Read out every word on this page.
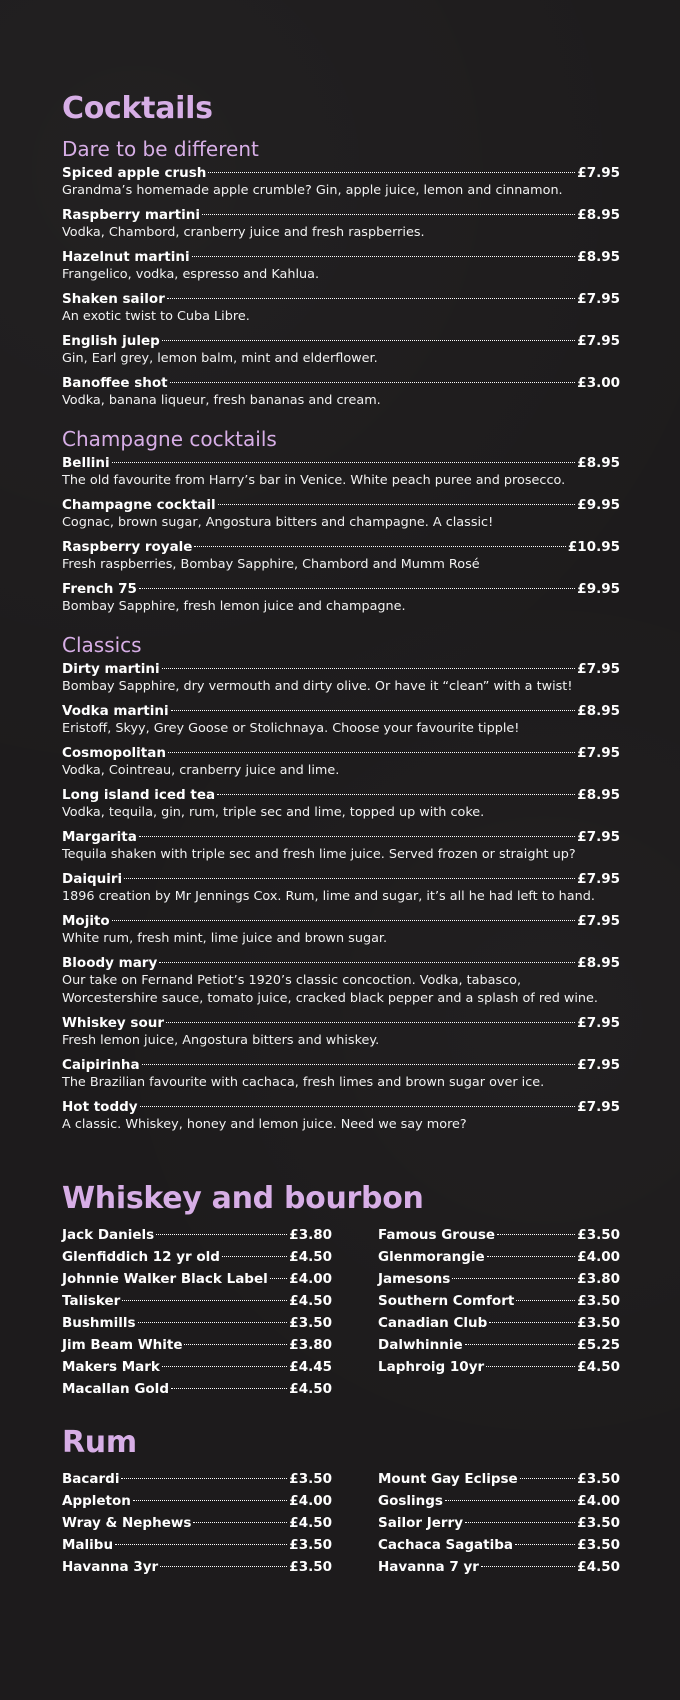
Cocktails
Dare to be different
Spiced apple crush	£7.95

Grandma’s homemade apple crumble? Gin, apple juice, lemon and cinnamon.

Raspberry martini	£8.95

Vodka, Chambord, cranberry juice and fresh raspberries.

Hazelnut martini	£8.95

Frangelico, vodka, espresso and Kahlua.

Shaken sailor	£7.95

An exotic twist to Cuba Libre.

English julep	£7.95

Gin, Earl grey, lemon balm, mint and elderflower.

Banoffee shot	£3.00

Vodka, banana liqueur, fresh bananas and cream.

Champagne cocktails
Bellini	£8.95

The old favourite from Harry’s bar in Venice. White peach puree and prosecco.

Champagne cocktail	£9.95

Cognac, brown sugar, Angostura bitters and champagne. A classic!

Raspberry royale	£10.95

Fresh raspberries, Bombay Sapphire, Chambord and Mumm Rosé

French 75	£9.95

Bombay Sapphire, fresh lemon juice and champagne.

Classics
Dirty martini	£7.95

Bombay Sapphire, dry vermouth and dirty olive. Or have it “clean” with a twist!

Vodka martini	£8.95

Eristoff, Skyy, Grey Goose or Stolichnaya. Choose your favourite tipple!

Cosmopolitan	£7.95

Vodka, Cointreau, cranberry juice and lime.

Long island iced tea	£8.95

Vodka, tequila, gin, rum, triple sec and lime, topped up with coke.

Margarita	£7.95

Tequila shaken with triple sec and fresh lime juice. Served frozen or straight up?

Daiquiri	£7.95

1896 creation by Mr Jennings Cox. Rum, lime and sugar, it’s all he had left to hand.

Mojito	£7.95

White rum, fresh mint, lime juice and brown sugar.

Bloody mary	£8.95

Our take on Fernand Petiot’s 1920’s classic concoction. Vodka, tabasco,

Worcestershire sauce, tomato juice, cracked black pepper and a splash of red wine.

Whiskey sour	£7.95

Fresh lemon juice, Angostura bitters and whiskey.

Caipirinha	£7.95

The Brazilian favourite with cachaca, fresh limes and brown sugar over ice.

Hot toddy	£7.95

A classic. Whiskey, honey and lemon juice. Need we say more?

Whiskey and bourbon
Jack Daniels	£3.80
Glenfiddich 12 yr old	£4.50
Johnnie Walker Black Label £4.00
Talisker	£4.50
Bushmills	£3.50
Jim Beam White	£3.80
Makers Mark	£4.45
Macallan Gold	£4.50
Famous Grouse	£3.50
Glenmorangie	£4.00
Jamesons	£3.80
Southern Comfort	£3.50
Canadian Club	£3.50
Dalwhinnie	£5.25
Laphroig 10yr	£4.50
Rum
Bacardi	£3.50
Appleton	£4.00
Wray & Nephews	£4.50
Malibu	£3.50
Havanna 3yr	£3.50
Mount Gay Eclipse	£3.50
Goslings	£4.00
Sailor Jerry	£3.50
Cachaca Sagatiba	£3.50
Havanna 7 yr	£4.50
